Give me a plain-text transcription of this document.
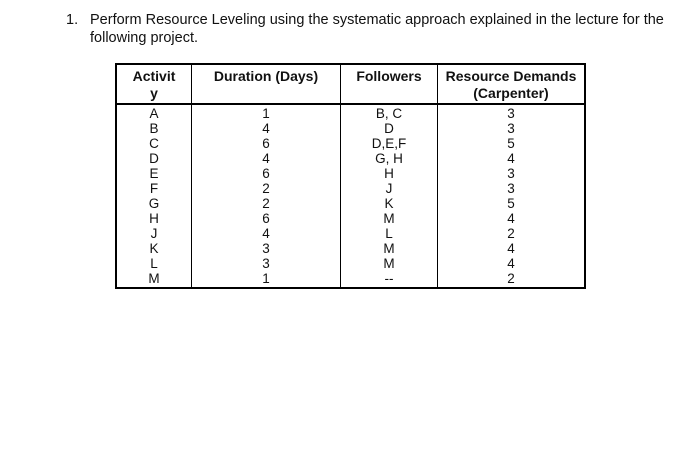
1. Perform Resource Leveling using the systematic approach explained in the lecture for the following project.
Activity	Duration (Days)	Followers	Resource Demands
(Carpenter)

A	1	B, C	3
B	4	D	3
C	6	D,E,F	5
D	4	G, H	4
E	6	H	3
F	2	J	3
G	2	K	5
H	6	M	4
J	4	L	2
K	3	M	4
L	3	M	4
M	1	--	2
